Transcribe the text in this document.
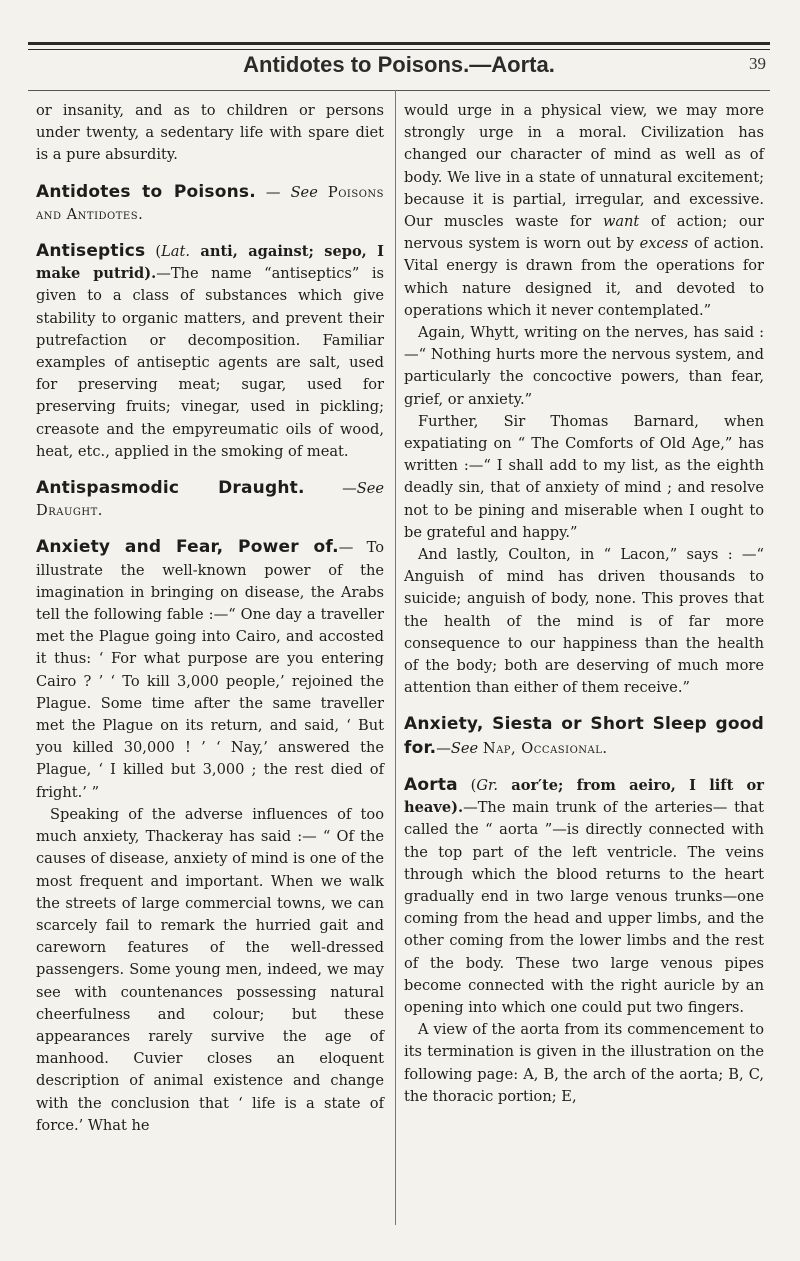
Antidotes to Poisons.—Aorta.	39

or insanity, and as to children or persons under twenty, a sedentary life with spare diet is a pure absurdity.

Antidotes to Poisons. — See Poisons and Antidotes.

Antiseptics (Lat. anti, against; sepo, I make putrid).—The name “antiseptics” is given to a class of substances which give stability to organic matters, and prevent their putrefaction or decomposition. Familiar examples of antiseptic agents are salt, used for preserving meat; sugar, used for preserving fruits; vinegar, used in pickling; creasote and the empyreumatic oils of wood, heat, etc., applied in the smoking of meat.

Antispasmodic Draught. —See Draught.

Anxiety and Fear, Power of.— To illustrate the well-known power of the imagination in bringing on disease, the Arabs tell the following fable :—“ One day a traveller met the Plague going into Cairo, and accosted it thus: ‘ For what purpose are you entering Cairo ? ’ ‘ To kill 3,000 people,’ rejoined the Plague. Some time after the same traveller met the Plague on its return, and said, ‘ But you killed 30,000 ! ’ ‘ Nay,’ answered the Plague, ‘ I killed but 3,000 ; the rest died of fright.’ ”

Speaking of the adverse influences of too much anxiety, Thackeray has said :— “ Of the causes of disease, anxiety of mind is one of the most frequent and important. When we walk the streets of large commercial towns, we can scarcely fail to remark the hurried gait and careworn features of the well-dressed passengers. Some young men, indeed, we may see with countenances possessing natural cheerfulness and colour; but these appearances rarely survive the age of manhood. Cuvier closes an eloquent description of animal existence and change with the conclusion that ‘ life is a state of force.’ What he

would urge in a physical view, we may more strongly urge in a moral. Civilization has changed our character of mind as well as of body. We live in a state of unnatural excitement; because it is partial, irregular, and excessive. Our muscles waste for want of action; our nervous system is worn out by excess of action. Vital energy is drawn from the operations for which nature designed it, and devoted to operations which it never contemplated.”

Again, Whytt, writing on the nerves, has said :—“ Nothing hurts more the nervous system, and particularly the concoctive powers, than fear, grief, or anxiety.”

Further, Sir Thomas Barnard, when expatiating on “ The Comforts of Old Age,” has written :—“ I shall add to my list, as the eighth deadly sin, that of anxiety of mind ; and resolve not to be pining and miserable when I ought to be grateful and happy.”

And lastly, Coulton, in “ Lacon,” says : —“ Anguish of mind has driven thousands to suicide; anguish of body, none. This proves that the health of the mind is of far more consequence to our happiness than the health of the body; both are deserving of much more attention than either of them receive.”

Anxiety, Siesta or Short Sleep good for.—See Nap, Occasional.

Aorta (Gr. aor′te; from aeiro, I lift or heave).—The main trunk of the arteries— that called the “ aorta ”—is directly connected with the top part of the left ventricle. The veins through which the blood returns to the heart gradually end in two large venous trunks—one coming from the head and upper limbs, and the other coming from the lower limbs and the rest of the body. These two large venous pipes become connected with the right auricle by an opening into which one could put two fingers.

A view of the aorta from its commencement to its termination is given in the illustration on the following page: A, B, the arch of the aorta; B, C, the thoracic portion; E,
